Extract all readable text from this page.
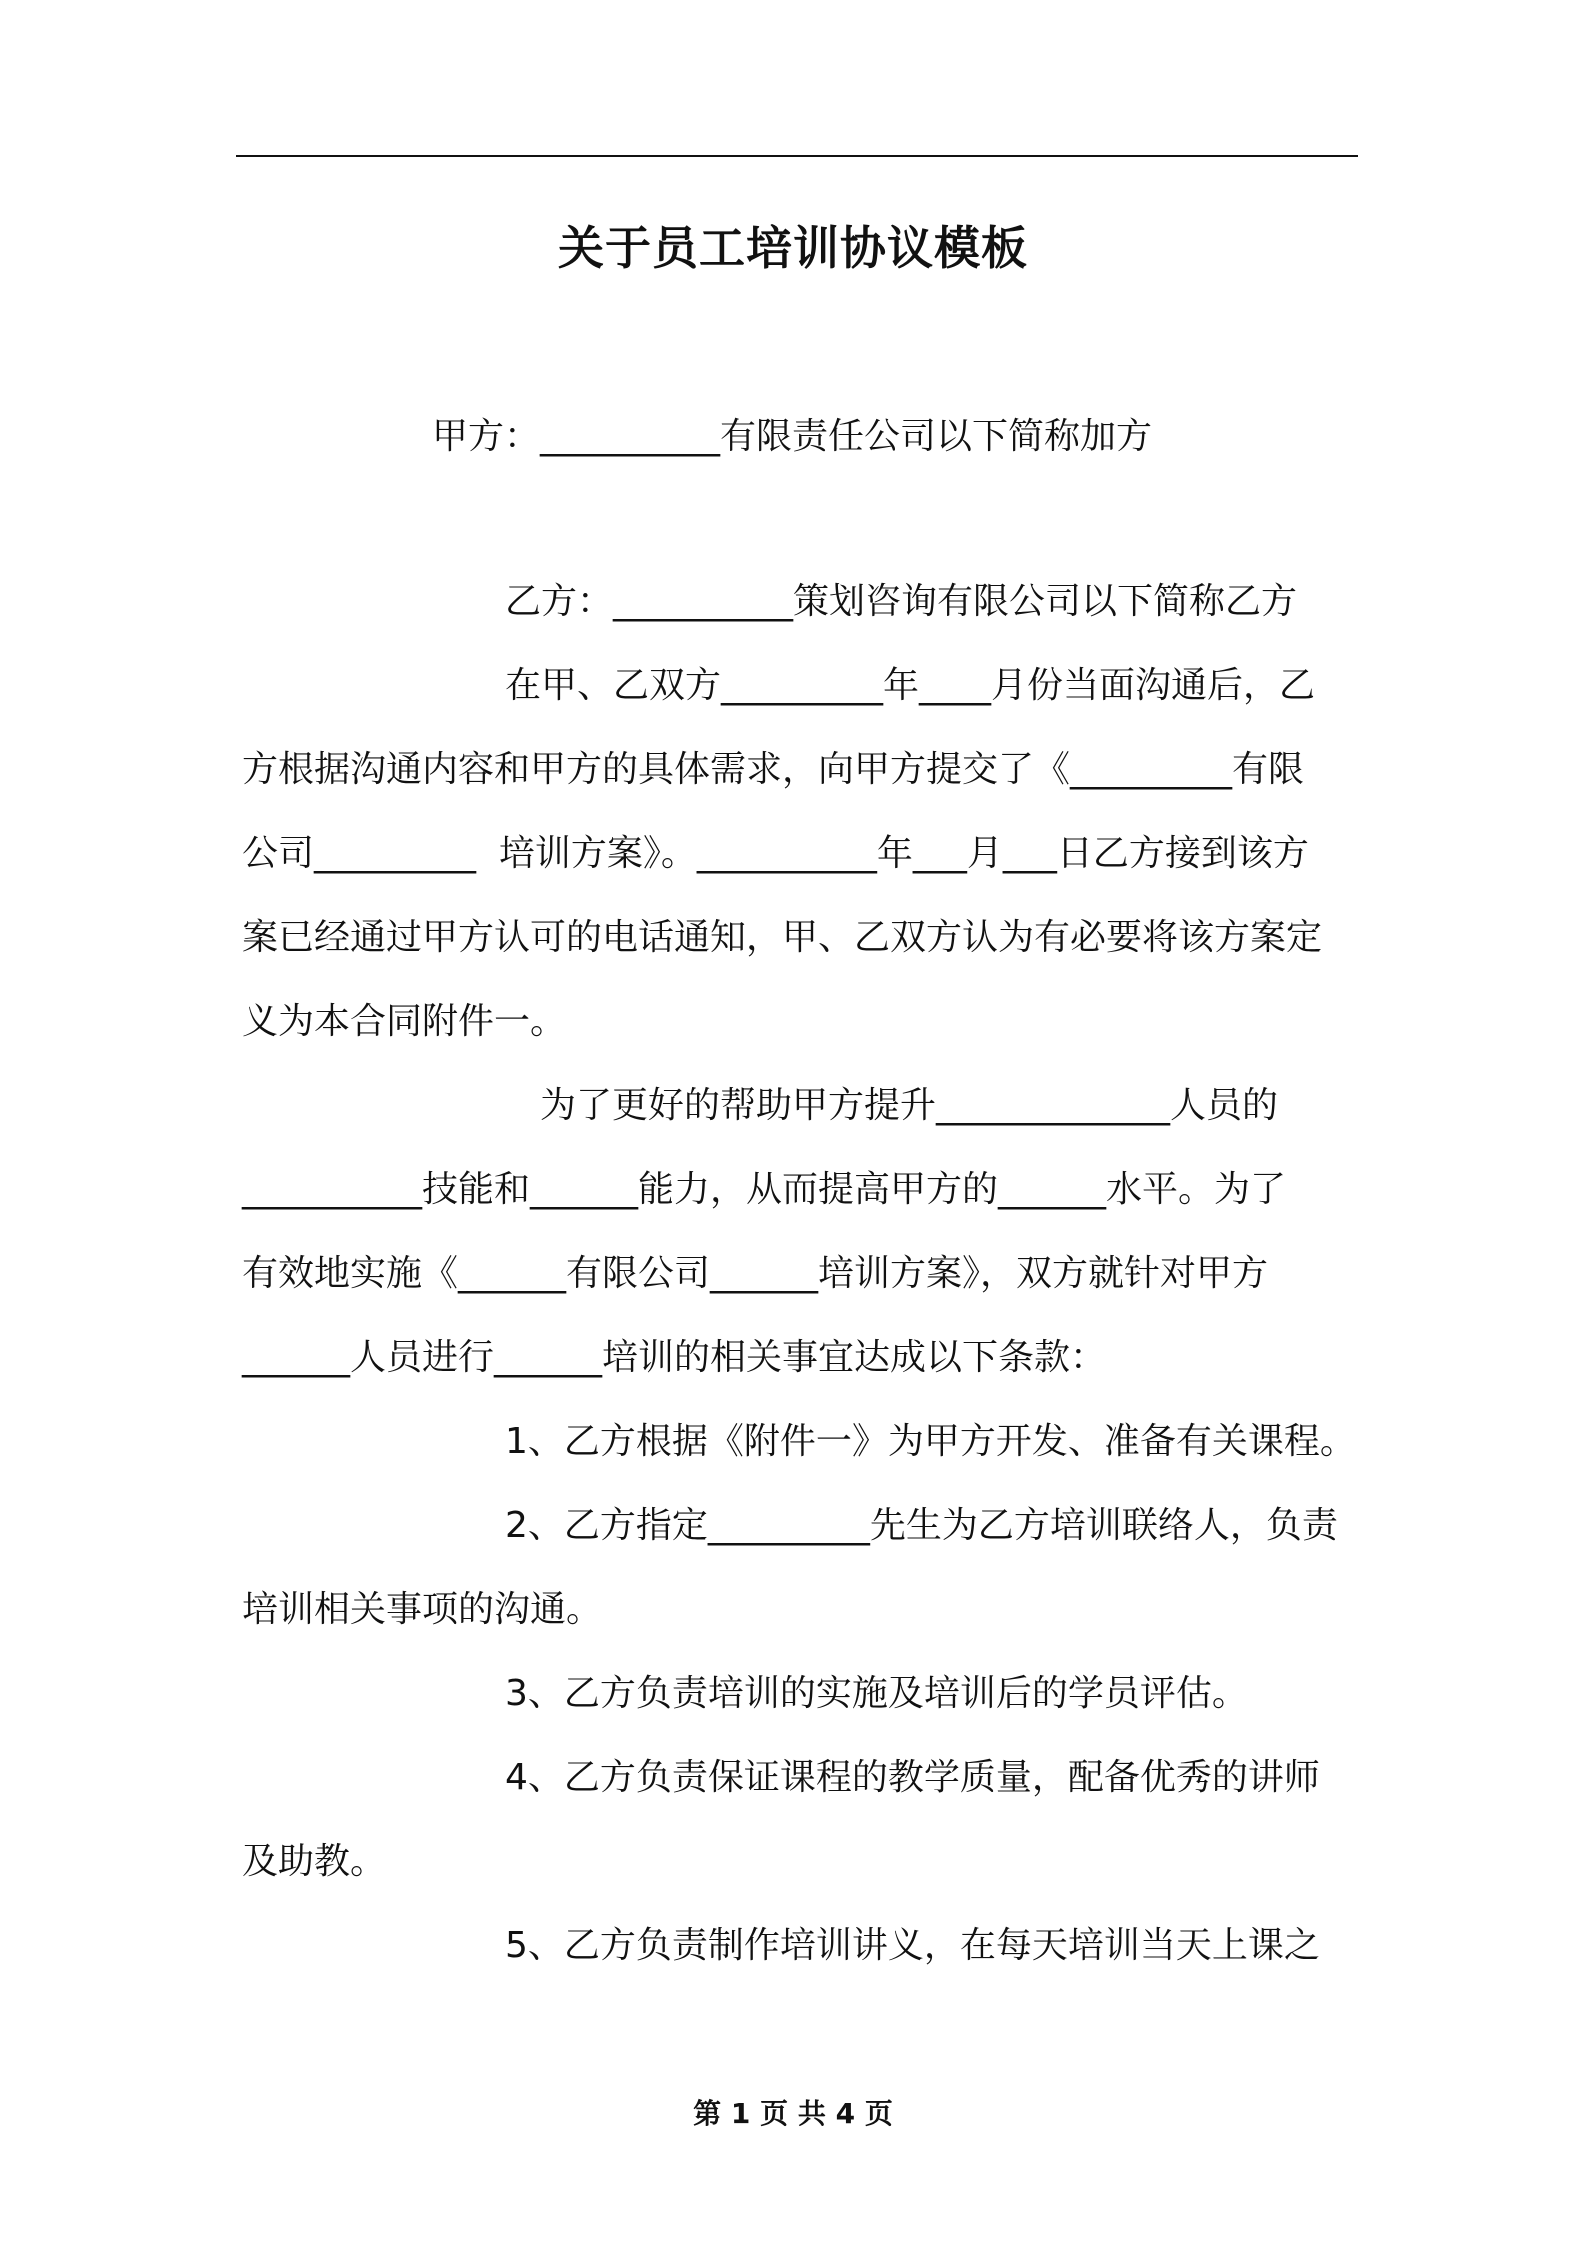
关于员工培训协议模板

甲方：__________有限责任公司以下简称加方

乙方：__________策划咨询有限公司以下简称乙方

在甲、乙双方_________年____月份当面沟通后，乙

方根据沟通内容和甲方的具体需求，向甲方提交了《_________有限

公司_________  培训方案》。__________年___月___日乙方接到该方

案已经通过甲方认可的电话通知，甲、乙双方认为有必要将该方案定

义为本合同附件一。

为了更好的帮助甲方提升_____________人员的

__________技能和______能力，从而提高甲方的______水平。为了

有效地实施《______有限公司______培训方案》，双方就针对甲方

______人员进行______培训的相关事宜达成以下条款：

1、乙方根据《附件一》为甲方开发、准备有关课程。

2、乙方指定_________先生为乙方培训联络人，负责

培训相关事项的沟通。

3、乙方负责培训的实施及培训后的学员评估。

4、乙方负责保证课程的教学质量，配备优秀的讲师

及助教。

5、乙方负责制作培训讲义，在每天培训当天上课之

第 1 页 共 4 页
